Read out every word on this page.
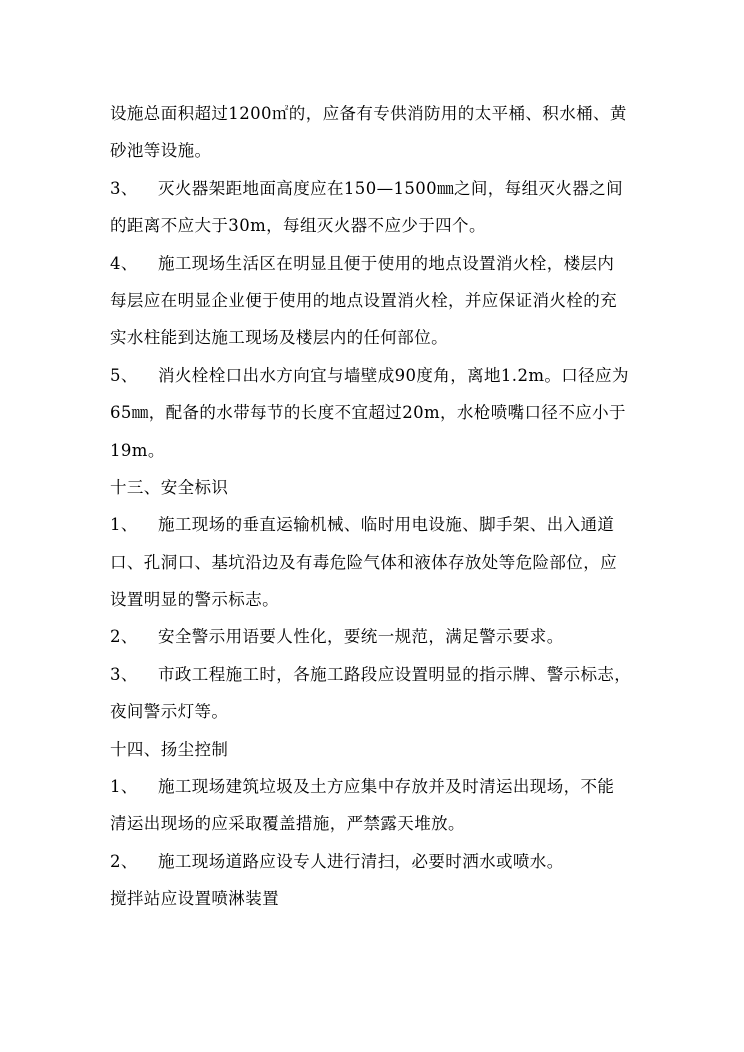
设施总面积超过1200㎡的，应备有专供消防用的太平桶、积水桶、黄
砂池等设施。
3、 灭火器架距地面高度应在150—1500㎜之间，每组灭火器之间
的距离不应大于30m，每组灭火器不应少于四个。
4、 施工现场生活区在明显且便于使用的地点设置消火栓，楼层内
每层应在明显企业便于使用的地点设置消火栓，并应保证消火栓的充
实水柱能到达施工现场及楼层内的任何部位。
5、 消火栓栓口出水方向宜与墙壁成90度角，离地1.2m。口径应为
65㎜，配备的水带每节的长度不宜超过20m，水枪喷嘴口径不应小于
19m。
十三、安全标识
1、 施工现场的垂直运输机械、临时用电设施、脚手架、出入通道
口、孔洞口、基坑沿边及有毒危险气体和液体存放处等危险部位，应
设置明显的警示标志。
2、 安全警示用语要人性化，要统一规范，满足警示要求。
3、 市政工程施工时，各施工路段应设置明显的指示牌、警示标志，
夜间警示灯等。
十四、扬尘控制
1、 施工现场建筑垃圾及土方应集中存放并及时清运出现场，不能
清运出现场的应采取覆盖措施，严禁露天堆放。
2、 施工现场道路应设专人进行清扫，必要时洒水或喷水。
搅拌站应设置喷淋装置
